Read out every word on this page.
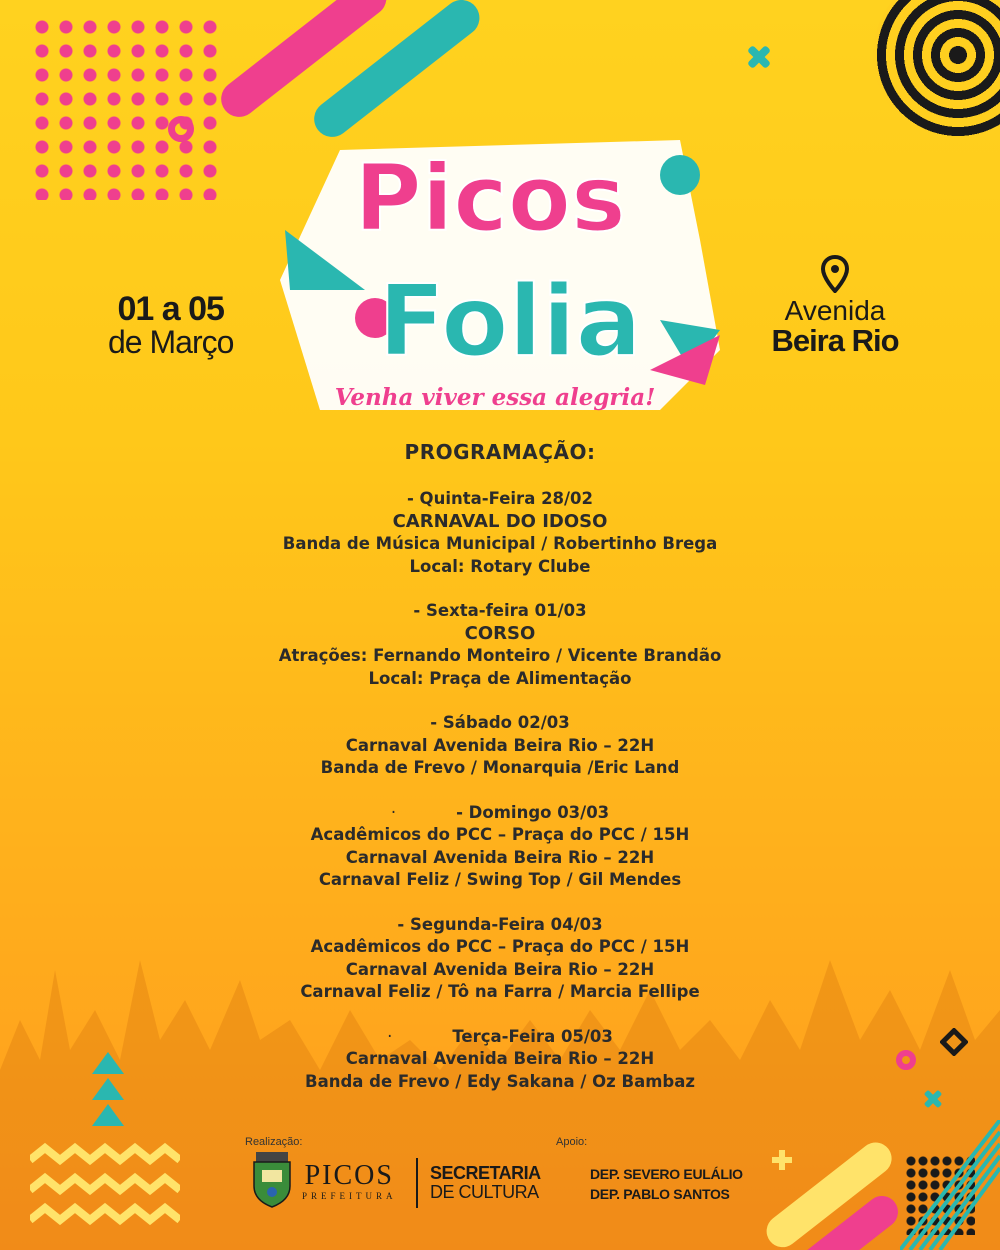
01 a 05
de Março
Avenida
Beira Rio
Picos
Folia
Venha viver essa alegria!
PROGRAMAÇÃO:
- Quinta-Feira 28/02
CARNAVAL DO IDOSO
Banda de Música Municipal / Robertinho Brega
Local: Rotary Clube
- Sexta-feira 01/03
CORSO
Atrações: Fernando Monteiro / Vicente Brandão
Local: Praça de Alimentação
- Sábado 02/03
Carnaval Avenida Beira Rio – 22H
Banda de Frevo / Monarquia /Eric Land
·	- Domingo 03/03
Acadêmicos do PCC – Praça do PCC / 15H
Carnaval Avenida Beira Rio – 22H
Carnaval Feliz / Swing Top / Gil Mendes
- Segunda-Feira 04/03
Acadêmicos do PCC – Praça do PCC / 15H
Carnaval Avenida Beira Rio – 22H
Carnaval Feliz / Tô na Farra / Marcia Fellipe
·	Terça-Feira 05/03
Carnaval Avenida Beira Rio – 22H
Banda de Frevo / Edy Sakana / Oz Bambaz
Realização:
PICOS
PREFEITURA
SECRETARIA
DE CULTURA
Apoio:
DEP. SEVERO EULÁLIO
DEP. PABLO SANTOS
